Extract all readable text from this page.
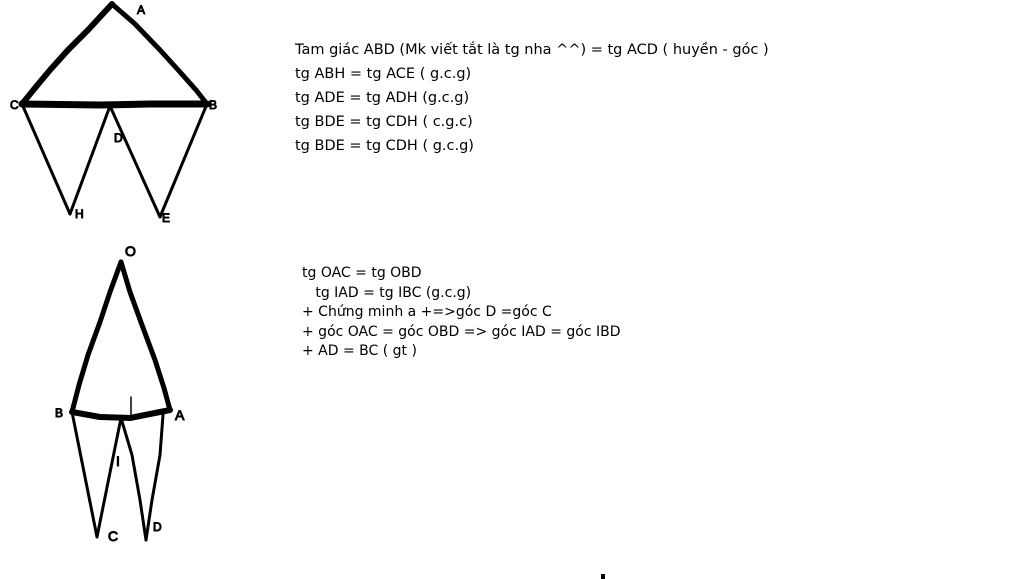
A
B
C
D
E
H
O
A
B
C
D
I
Tam giác ABD (Mk viết tắt là tg nha ^^) = tg ACD ( huyền - góc )
tg ABH = tg ACE ( g.c.g)
tg ADE = tg ADH (g.c.g)
tg BDE = tg CDH ( c.g.c)
tg BDE = tg CDH ( g.c.g)
tg OAC = tg OBD
tg IAD = tg IBC (g.c.g)
+ Chứng minh a +=>góc D =góc C
+ góc OAC = góc OBD => góc IAD = góc IBD
+ AD = BC ( gt )
